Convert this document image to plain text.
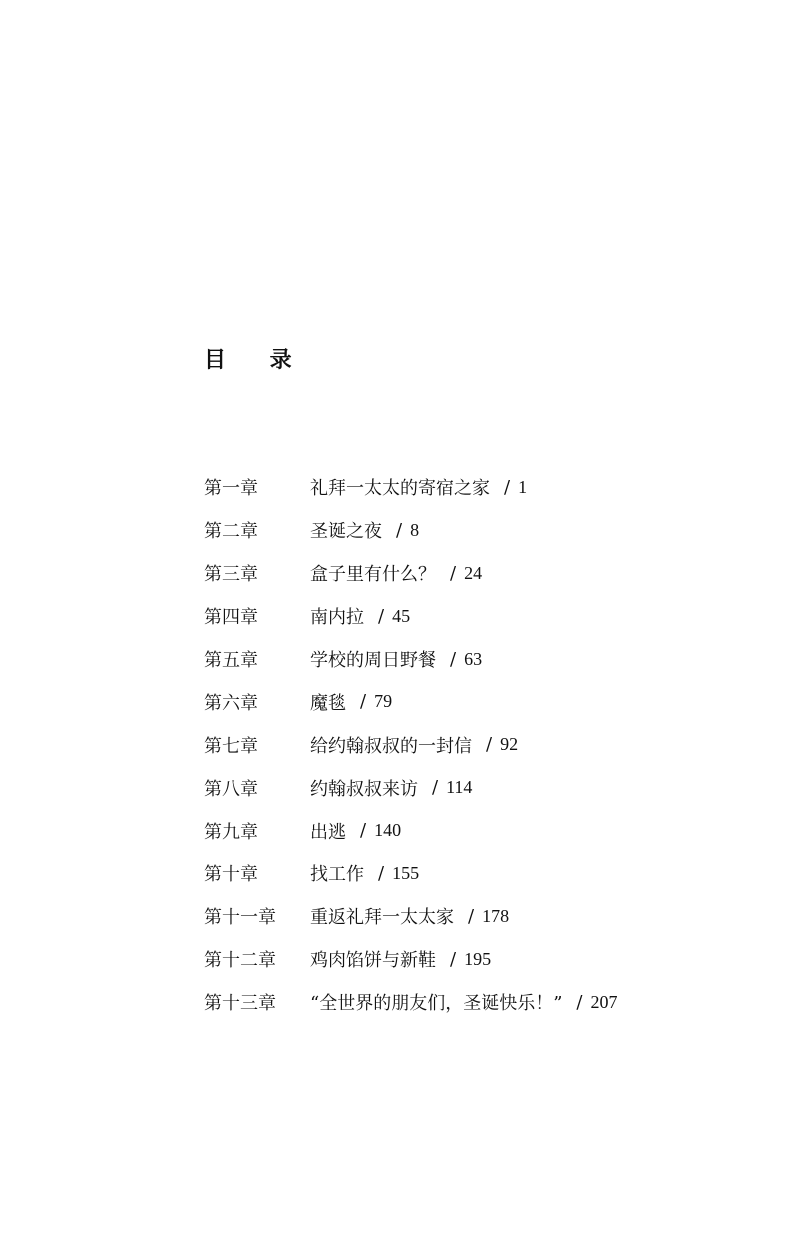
目 录
第一章	礼拜一太太的寄宿之家 / 1
第二章	圣诞之夜 / 8
第三章	盒子里有什么？ / 24
第四章	南内拉 / 45
第五章	学校的周日野餐 / 63
第六章	魔毯 / 79
第七章	给约翰叔叔的一封信 / 92
第八章	约翰叔叔来访 / 114
第九章	出逃 / 140
第十章	找工作 / 155
第十一章	重返礼拜一太太家 / 178
第十二章	鸡肉馅饼与新鞋 / 195
第十三章	“全世界的朋友们，圣诞快乐！” / 207
